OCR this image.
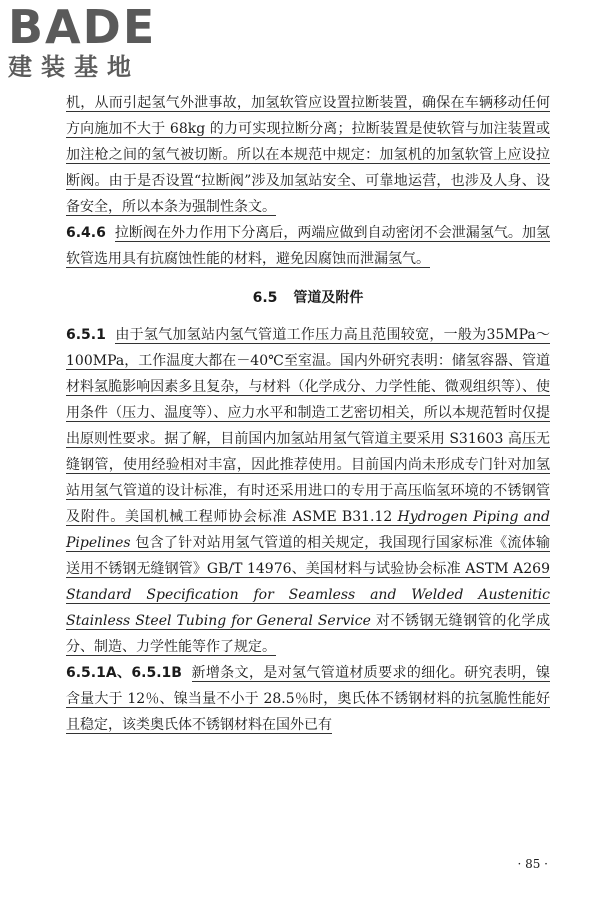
BADE
建装基地

机，从而引起氢气外泄事故，加氢软管应设置拉断装置，确保在车辆移动任何方向施加不大于 68kg 的力可实现拉断分离；拉断装置是使软管与加注装置或加注枪之间的氢气被切断。所以在本规范中规定：加氢机的加氢软管上应设拉断阀。由于是否设置“拉断阀”涉及加氢站安全、可靠地运营，也涉及人身、设备安全，所以本条为强制性条文。

6.4.6 拉断阀在外力作用下分离后，两端应做到自动密闭不会泄漏氢气。加氢软管选用具有抗腐蚀性能的材料，避免因腐蚀而泄漏氢气。

6.5 管道及附件

6.5.1 由于氢气加氢站内氢气管道工作压力高且范围较宽，一般为35MPa～100MPa，工作温度大都在－40℃至室温。国内外研究表明：储氢容器、管道材料氢脆影响因素多且复杂，与材料（化学成分、力学性能、微观组织等）、使用条件（压力、温度等）、应力水平和制造工艺密切相关，所以本规范暂时仅提出原则性要求。据了解，目前国内加氢站用氢气管道主要采用 S31603 高压无缝钢管，使用经验相对丰富，因此推荐使用。目前国内尚未形成专门针对加氢站用氢气管道的设计标准，有时还采用进口的专用于高压临氢环境的不锈钢管及附件。美国机械工程师协会标准 ASME B31.12 Hydrogen Piping and Pipelines 包含了针对站用氢气管道的相关规定，我国现行国家标准《流体输送用不锈钢无缝钢管》GB/T 14976、美国材料与试验协会标准 ASTM A269 Standard Specification for Seamless and Welded Austenitic Stainless Steel Tubing for General Service 对不锈钢无缝钢管的化学成分、制造、力学性能等作了规定。

6.5.1A、6.5.1B 新增条文，是对氢气管道材质要求的细化。研究表明，镍含量大于 12％、镍当量不小于 28.5％时，奥氏体不锈钢材料的抗氢脆性能好且稳定，该类奥氏体不锈钢材料在国外已有

· 85 ·
